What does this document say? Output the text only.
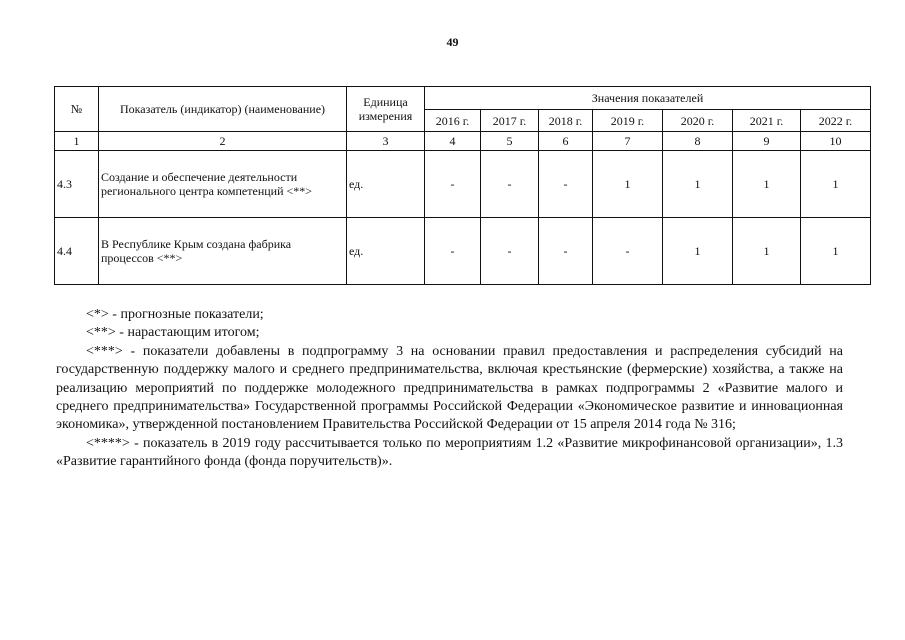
49
№	Показатель (индикатор) (наименование)	Единица измерения	Значения показателей						
			2016 г.	2017 г.	2018 г.	2019 г.	2020 г.	2021 г.	2022 г.
1	2	3	4	5	6	7	8	9	10
4.3	Создание и обеспечение деятельности регионального центра компетенций <**>	ед.	-	-	-	1	1	1	1
4.4	В Республике Крым создана фабрика процессов <**>	ед.	-	-	-	-	1	1	1

<*> - прогнозные показатели;

<**> - нарастающим итогом;

<***> - показатели добавлены в подпрограмму 3 на основании правил предоставления и распределения субсидий на государственную поддержку малого и среднего предпринимательства, включая крестьянские (фермерские) хозяйства, а также на реализацию мероприятий по поддержке молодежного предпринимательства в рамках подпрограммы 2 «Развитие малого и среднего предпринимательства» Государственной программы Российской Федерации «Экономическое развитие и инновационная экономика», утвержденной постановлением Правительства Российской Федерации от 15 апреля 2014 года № 316;

<****> - показатель в 2019 году рассчитывается только по мероприятиям 1.2 «Развитие микрофинансовой организации», 1.3 «Развитие гарантийного фонда (фонда поручительств)».
